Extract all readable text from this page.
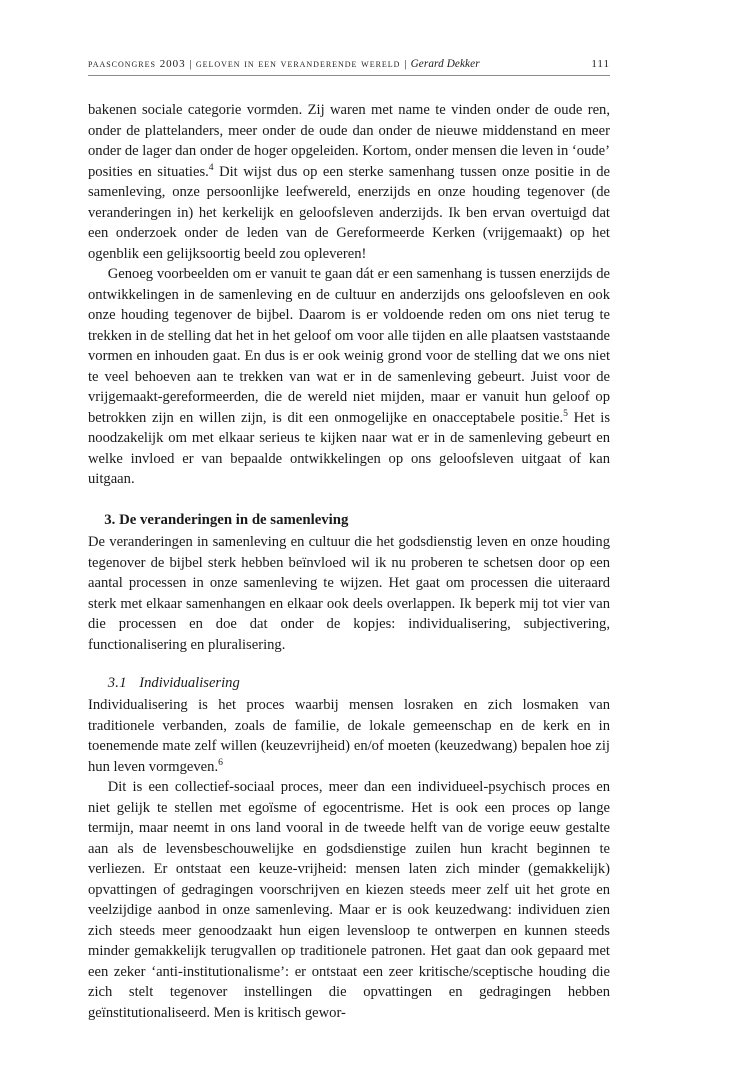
paascongres 2003 | geloven in een veranderende wereld | Gerard Dekker	111

bakenen sociale categorie vormden. Zij waren met name te vinden onder de oude ren, onder de plattelanders, meer onder de oude dan onder de nieuwe middenstand en meer onder de lager dan onder de hoger opgeleiden. Kortom, onder mensen die leven in ‘oude’ posities en situaties.$^4$ Dit wijst dus op een sterke samenhang tussen onze positie in de samenleving, onze persoonlijke leefwereld, enerzijds en onze houding tegenover (de veranderingen in) het kerkelijk en geloofsleven anderzijds. Ik ben ervan overtuigd dat een onderzoek onder de leden van de Gereformeerde Kerken (vrijgemaakt) op het ogenblik een gelijksoortig beeld zou opleveren!

Genoeg voorbeelden om er vanuit te gaan dát er een samenhang is tussen enerzijds de ontwikkelingen in de samenleving en de cultuur en anderzijds ons geloofsleven en ook onze houding tegenover de bijbel. Daarom is er voldoende reden om ons niet terug te trekken in de stelling dat het in het geloof om voor alle tijden en alle plaatsen vaststaande vormen en inhouden gaat. En dus is er ook weinig grond voor de stelling dat we ons niet te veel behoeven aan te trekken van wat er in de samenleving gebeurt. Juist voor de vrijgemaakt-gereformeerden, die de wereld niet mijden, maar er vanuit hun geloof op betrokken zijn en willen zijn, is dit een onmogelijke en onacceptabele positie.$^5$ Het is noodzakelijk om met elkaar serieus te kijken naar wat er in de samenleving gebeurt en welke invloed er van bepaalde ontwikkelingen op ons geloofsleven uitgaat of kan uitgaan.

3. De veranderingen in de samenleving

De veranderingen in samenleving en cultuur die het godsdienstig leven en onze houding tegenover de bijbel sterk hebben beïnvloed wil ik nu proberen te schetsen door op een aantal processen in onze samenleving te wijzen. Het gaat om processen die uiteraard sterk met elkaar samenhangen en elkaar ook deels overlappen. Ik beperk mij tot vier van die processen en doe dat onder de kopjes: individualisering, subjectivering, functionalisering en pluralisering.

3.1 Individualisering

Individualisering is het proces waarbij mensen losraken en zich losmaken van traditionele verbanden, zoals de familie, de lokale gemeenschap en de kerk en in toenemende mate zelf willen (keuzevrijheid) en/of moeten (keuzedwang) bepalen hoe zij hun leven vormgeven.$^6$

Dit is een collectief-sociaal proces, meer dan een individueel-psychisch proces en niet gelijk te stellen met egoïsme of egocentrisme. Het is ook een proces op lange termijn, maar neemt in ons land vooral in de tweede helft van de vorige eeuw gestalte aan als de levensbeschouwelijke en godsdienstige zuilen hun kracht beginnen te verliezen. Er ontstaat een keuze-vrijheid: mensen laten zich minder (gemakkelijk) opvattingen of gedragingen voorschrijven en kiezen steeds meer zelf uit het grote en veelzijdige aanbod in onze samenleving. Maar er is ook keuzedwang: individuen zien zich steeds meer genoodzaakt hun eigen levensloop te ontwerpen en kunnen steeds minder gemakkelijk terugvallen op traditionele patronen. Het gaat dan ook gepaard met een zeker ‘anti-institutionalisme’: er ontstaat een zeer kritische/sceptische houding die zich stelt tegenover instellingen die opvattingen en gedragingen hebben geïnstitutionaliseerd. Men is kritisch gewor-
